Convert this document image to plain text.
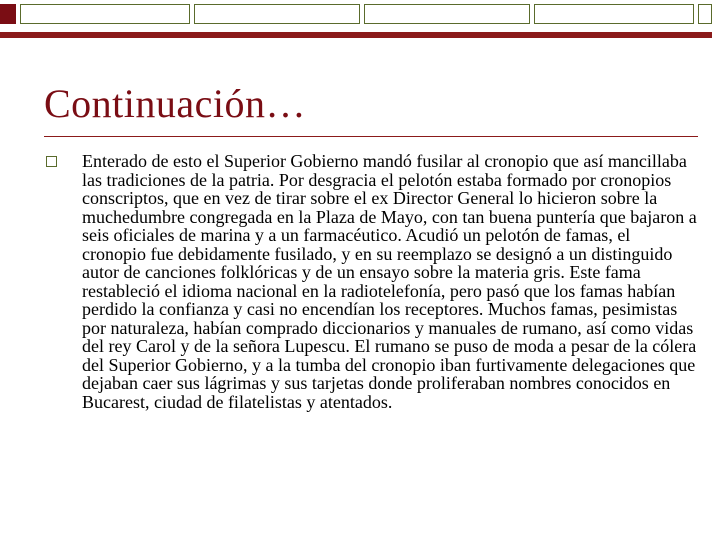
Continuación…

Enterado de esto el Superior Gobierno mandó fusilar al cronopio que así mancillaba las tradiciones de la patria. Por desgracia el pelotón estaba formado por cronopios conscriptos, que en vez de tirar sobre el ex Director General lo hicieron sobre la muchedumbre congregada en la Plaza de Mayo, con tan buena puntería que bajaron a seis oficiales de marina y a un farmacéutico. Acudió un pelotón de famas, el cronopio fue debidamente fusilado, y en su reemplazo se designó a un distinguido autor de canciones folklóricas y de un ensayo sobre la materia gris. Este fama restableció el idioma nacional en la radiotelefonía, pero pasó que los famas habían perdido la confianza y casi no encendían los receptores. Muchos famas, pesimistas por naturaleza, habían comprado diccionarios y manuales de rumano, así como vidas del rey Carol y de la señora Lupescu. El rumano se puso de moda a pesar de la cólera del Superior Gobierno, y a la tumba del cronopio iban furtivamente delegaciones que dejaban caer sus lágrimas y sus tarjetas donde proliferaban nombres conocidos en Bucarest, ciudad de filatelistas y atentados.
